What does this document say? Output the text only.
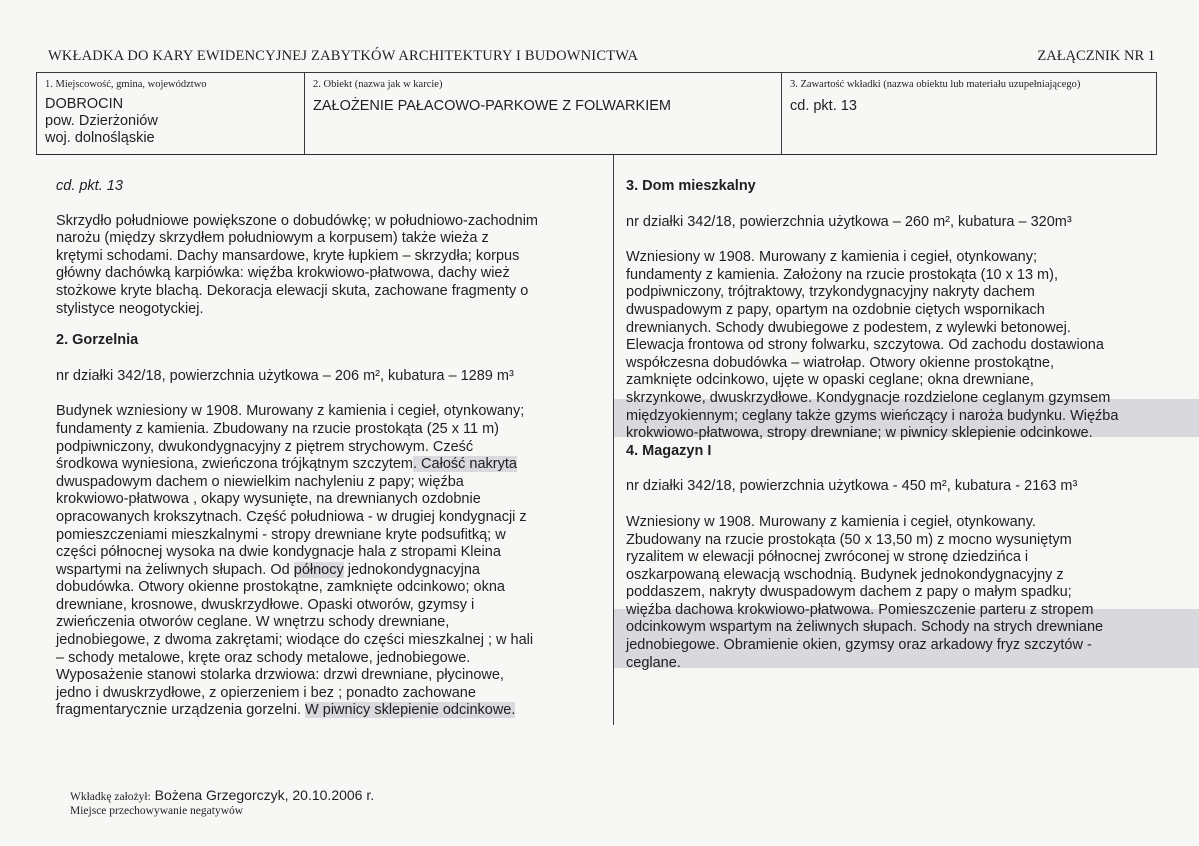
WKŁADKA DO KARY EWIDENCYJNEJ ZABYTKÓW ARCHITEKTURY I BUDOWNICTWA	ZAŁĄCZNIK NR 1
1. Miejscowość, gmina, województwo
DOBROCIN
pow. Dzierżoniów
woj. dolnośląskie
2. Obiekt (nazwa jak w karcie)
ZAŁOŻENIE PAŁACOWO-PARKOWE Z FOLWARKIEM
3. Zawartość wkładki (nazwa obiektu lub materiału uzupełniającego)
cd. pkt. 13

cd. pkt. 13

Skrzydło południowe powiększone o dobudówkę; w południowo-zachodnim

narożu (między skrzydłem południowym a korpusem) także wieża z

krętymi schodami. Dachy mansardowe, kryte łupkiem – skrzydła; korpus

główny dachówką karpiówka: więźba krokwiowo-płatwowa, dachy wież

stożkowe kryte blachą. Dekoracja elewacji skuta, zachowane fragmenty o

stylistyce neogotyckiej.

2. Gorzelnia

nr działki 342/18, powierzchnia użytkowa – 206 m², kubatura – 1289 m³

Budynek wzniesiony w 1908. Murowany z kamienia i cegieł, otynkowany;

fundamenty z kamienia. Zbudowany na rzucie prostokąta (25 x 11 m)

podpiwniczony, dwukondygnacyjny z piętrem strychowym. Cześć

środkowa wyniesiona, zwieńczona trójkątnym szczytem. Całość nakryta

dwuspadowym dachem o niewielkim nachyleniu z papy; więźba

krokwiowo-płatwowa , okapy wysunięte, na drewnianych ozdobnie

opracowanych krokszytnach. Część południowa - w drugiej kondygnacji z

pomieszczeniami mieszkalnymi - stropy drewniane kryte podsufitką; w

części północnej wysoka na dwie kondygnacje hala z stropami Kleina

wspartymi na żeliwnych słupach. Od północy jednokondygnacyjna

dobudówka. Otwory okienne prostokątne, zamknięte odcinkowo; okna

drewniane, krosnowe, dwuskrzydłowe. Opaski otworów, gzymsy i

zwieńczenia otworów ceglane. W wnętrzu schody drewniane,

jednobiegowe, z dwoma zakrętami; wiodące do części mieszkalnej ; w hali

– schody metalowe, kręte oraz schody metalowe, jednobiegowe.

Wyposażenie stanowi stolarka drzwiowa: drzwi drewniane, płycinowe,

jedno i dwuskrzydłowe, z opierzeniem i bez ; ponadto zachowane

fragmentarycznie urządzenia gorzelni. W piwnicy sklepienie odcinkowe.

3. Dom mieszkalny

nr działki 342/18, powierzchnia użytkowa – 260 m², kubatura – 320m³

Wzniesiony w 1908. Murowany z kamienia i cegieł, otynkowany;

fundamenty z kamienia. Założony na rzucie prostokąta (10 x 13 m),

podpiwniczony, trójtraktowy, trzykondygnacyjny nakryty dachem

dwuspadowym z papy, opartym na ozdobnie ciętych wspornikach

drewnianych. Schody dwubiegowe z podestem, z wylewki betonowej.

Elewacja frontowa od strony folwarku, szczytowa. Od zachodu dostawiona

współczesna dobudówka – wiatrołap. Otwory okienne prostokątne,

zamknięte odcinkowo, ujęte w opaski ceglane; okna drewniane,

skrzynkowe, dwuskrzydłowe. Kondygnacje rozdzielone ceglanym gzymsem

międzyokiennym; ceglany także gzyms wieńczący i naroża budynku. Więźba

krokwiowo-płatwowa, stropy drewniane; w piwnicy sklepienie odcinkowe.

4. Magazyn I

nr działki 342/18, powierzchnia użytkowa - 450 m², kubatura - 2163 m³

Wzniesiony w 1908. Murowany z kamienia i cegieł, otynkowany.

Zbudowany na rzucie prostokąta (50 x 13,50 m) z mocno wysuniętym

ryzalitem w elewacji północnej zwróconej w stronę dziedzińca i

oszkarpowaną elewacją wschodnią. Budynek jednokondygnacyjny z

poddaszem, nakryty dwuspadowym dachem z papy o małym spadku;

więźba dachowa krokwiowo-płatwowa. Pomieszczenie parteru z stropem

odcinkowym wspartym na żeliwnych słupach. Schody na strych drewniane

jednobiegowe. Obramienie okien, gzymsy oraz arkadowy fryz szczytów -

ceglane.

Wkładkę założył: Bożena Grzegorczyk, 20.10.2006 r.
Miejsce przechowywanie negatywów
